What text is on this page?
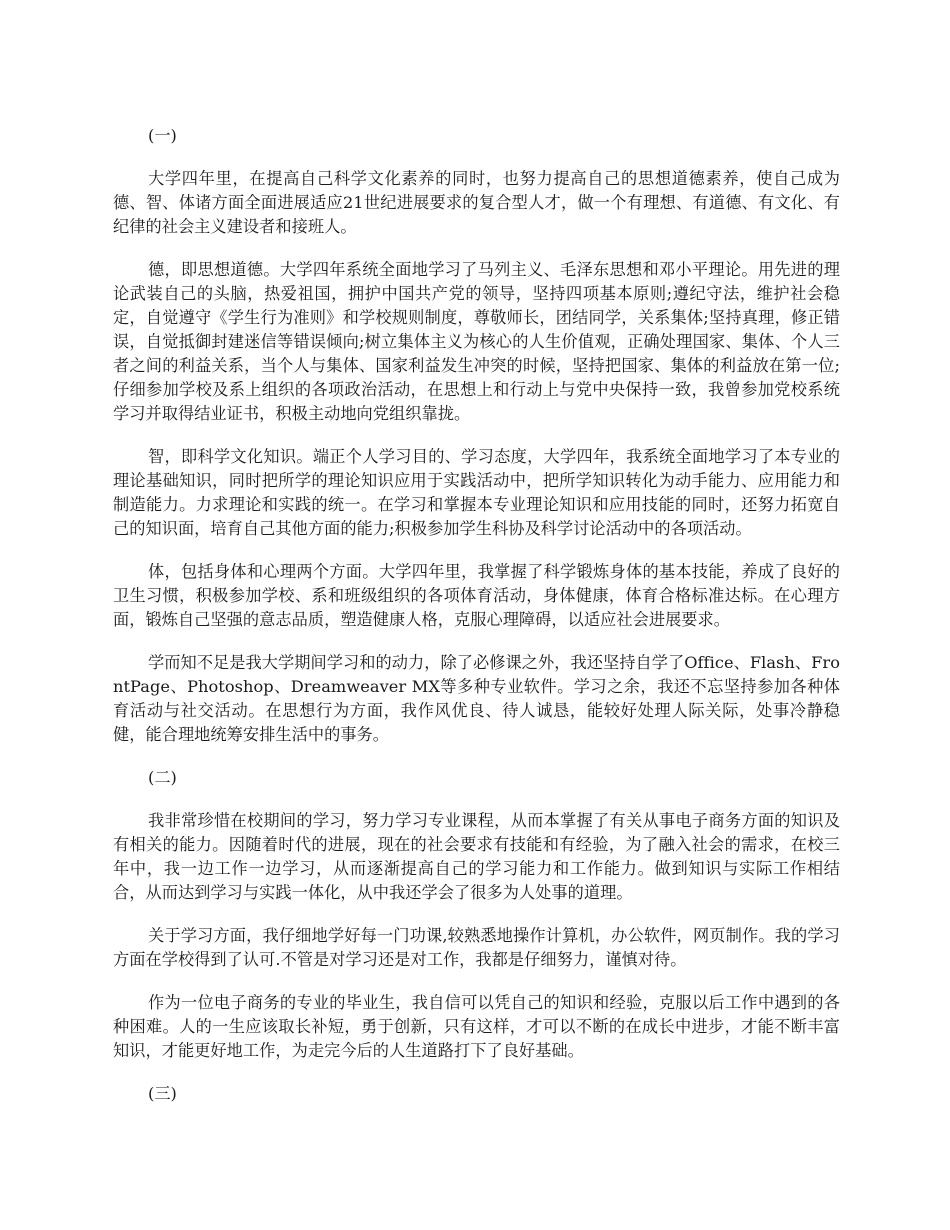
(一)

大学四年里，在提高自己科学文化素养的同时，也努力提高自己的思想道德素养，使自己成为德、智、体诸方面全面进展适应21世纪进展要求的复合型人才，做一个有理想、有道德、有文化、有纪律的社会主义建设者和接班人。

德，即思想道德。大学四年系统全面地学习了马列主义、毛泽东思想和邓小平理论。用先进的理论武装自己的头脑，热爱祖国，拥护中国共产党的领导，坚持四项基本原则;遵纪守法，维护社会稳定，自觉遵守《学生行为准则》和学校规则制度，尊敬师长，团结同学，关系集体;坚持真理，修正错误，自觉抵御封建迷信等错误倾向;树立集体主义为核心的人生价值观，正确处理国家、集体、个人三者之间的利益关系，当个人与集体、国家利益发生冲突的时候，坚持把国家、集体的利益放在第一位;仔细参加学校及系上组织的各项政治活动，在思想上和行动上与党中央保持一致，我曾参加党校系统学习并取得结业证书，积极主动地向党组织靠拢。

智，即科学文化知识。端正个人学习目的、学习态度，大学四年，我系统全面地学习了本专业的理论基础知识，同时把所学的理论知识应用于实践活动中，把所学知识转化为动手能力、应用能力和制造能力。力求理论和实践的统一。在学习和掌握本专业理论知识和应用技能的同时，还努力拓宽自己的知识面，培育自己其他方面的能力;积极参加学生科协及科学讨论活动中的各项活动。

体，包括身体和心理两个方面。大学四年里，我掌握了科学锻炼身体的基本技能，养成了良好的卫生习惯，积极参加学校、系和班级组织的各项体育活动，身体健康，体育合格标准达标。在心理方面，锻炼自己坚强的意志品质，塑造健康人格，克服心理障碍，以适应社会进展要求。

学而知不足是我大学期间学习和的动力，除了必修课之外，我还坚持自学了Office、Flash、FrontPage、Photoshop、Dreamweaver MX等多种专业软件。学习之余，我还不忘坚持参加各种体育活动与社交活动。在思想行为方面，我作风优良、待人诚恳，能较好处理人际关际，处事冷静稳健，能合理地统筹安排生活中的事务。

(二)

我非常珍惜在校期间的学习，努力学习专业课程，从而本掌握了有关从事电子商务方面的知识及有相关的能力。因随着时代的进展，现在的社会要求有技能和有经验，为了融入社会的需求，在校三年中，我一边工作一边学习，从而逐渐提高自己的学习能力和工作能力。做到知识与实际工作相结合，从而达到学习与实践一体化，从中我还学会了很多为人处事的道理。

关于学习方面，我仔细地学好每一门功课,较熟悉地操作计算机，办公软件，网页制作。我的学习方面在学校得到了认可.不管是对学习还是对工作，我都是仔细努力，谨慎对待。

作为一位电子商务的专业的毕业生，我自信可以凭自己的知识和经验，克服以后工作中遇到的各种困难。人的一生应该取长补短，勇于创新，只有这样，才可以不断的在成长中进步，才能不断丰富知识，才能更好地工作，为走完今后的人生道路打下了良好基础。

(三)
